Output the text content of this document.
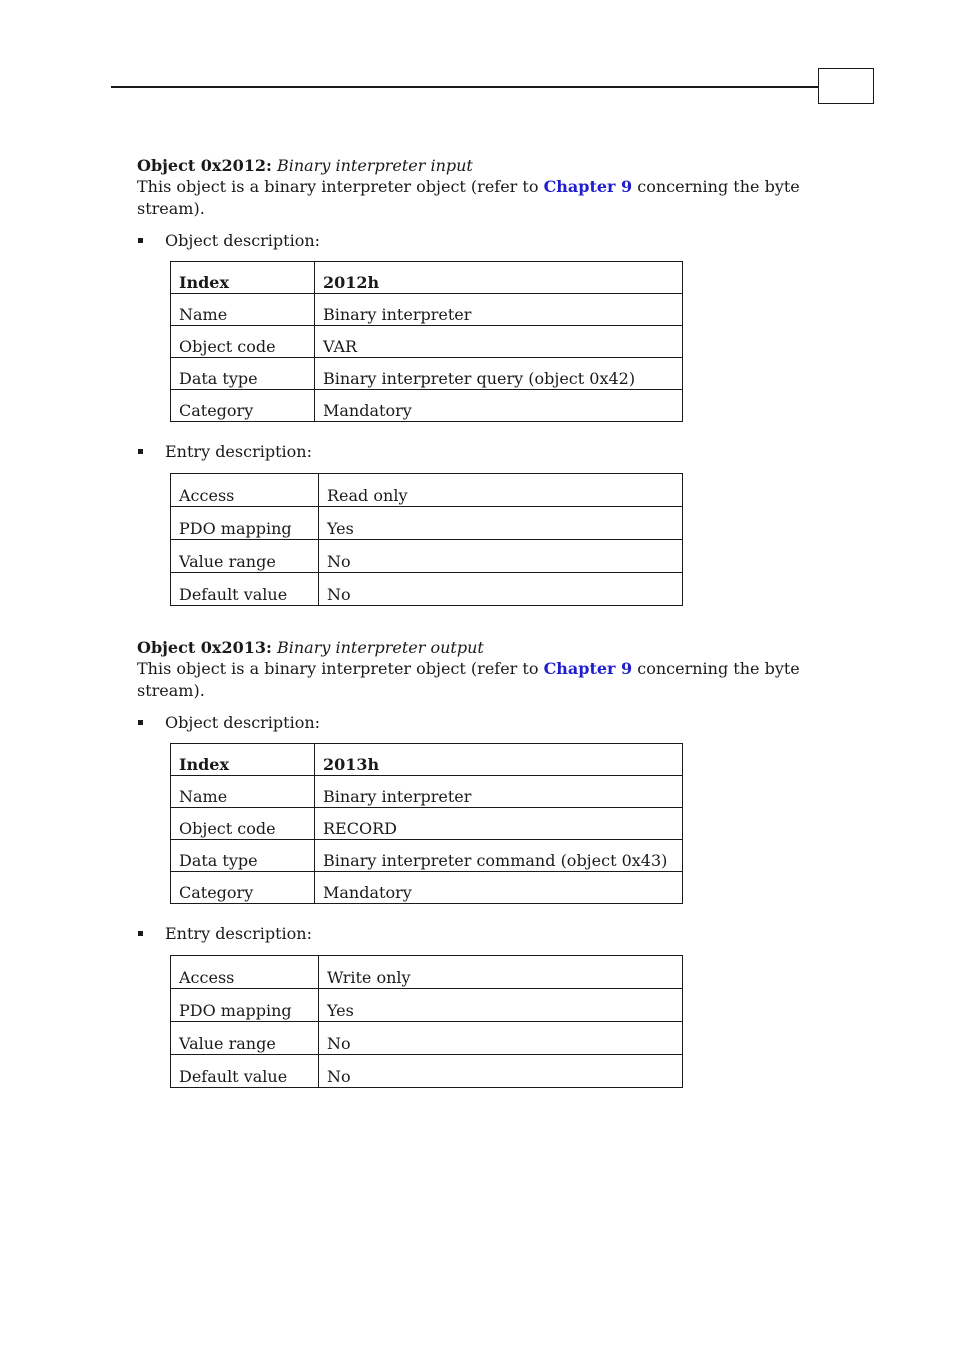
Object 0x2012: Binary interpreter input

This object is a binary interpreter object (refer to Chapter 9 concerning the byte stream).

Object description:
Index	2012h
Name	Binary interpreter
Object code	VAR
Data type	Binary interpreter query (object 0x42)
Category	Mandatory
Entry description:
Access	Read only
PDO mapping	Yes
Value range	No
Default value	No

Object 0x2013: Binary interpreter output

This object is a binary interpreter object (refer to Chapter 9 concerning the byte stream).

Object description:
Index	2013h
Name	Binary interpreter
Object code	RECORD
Data type	Binary interpreter command (object 0x43)
Category	Mandatory
Entry description:
Access	Write only
PDO mapping	Yes
Value range	No
Default value	No
